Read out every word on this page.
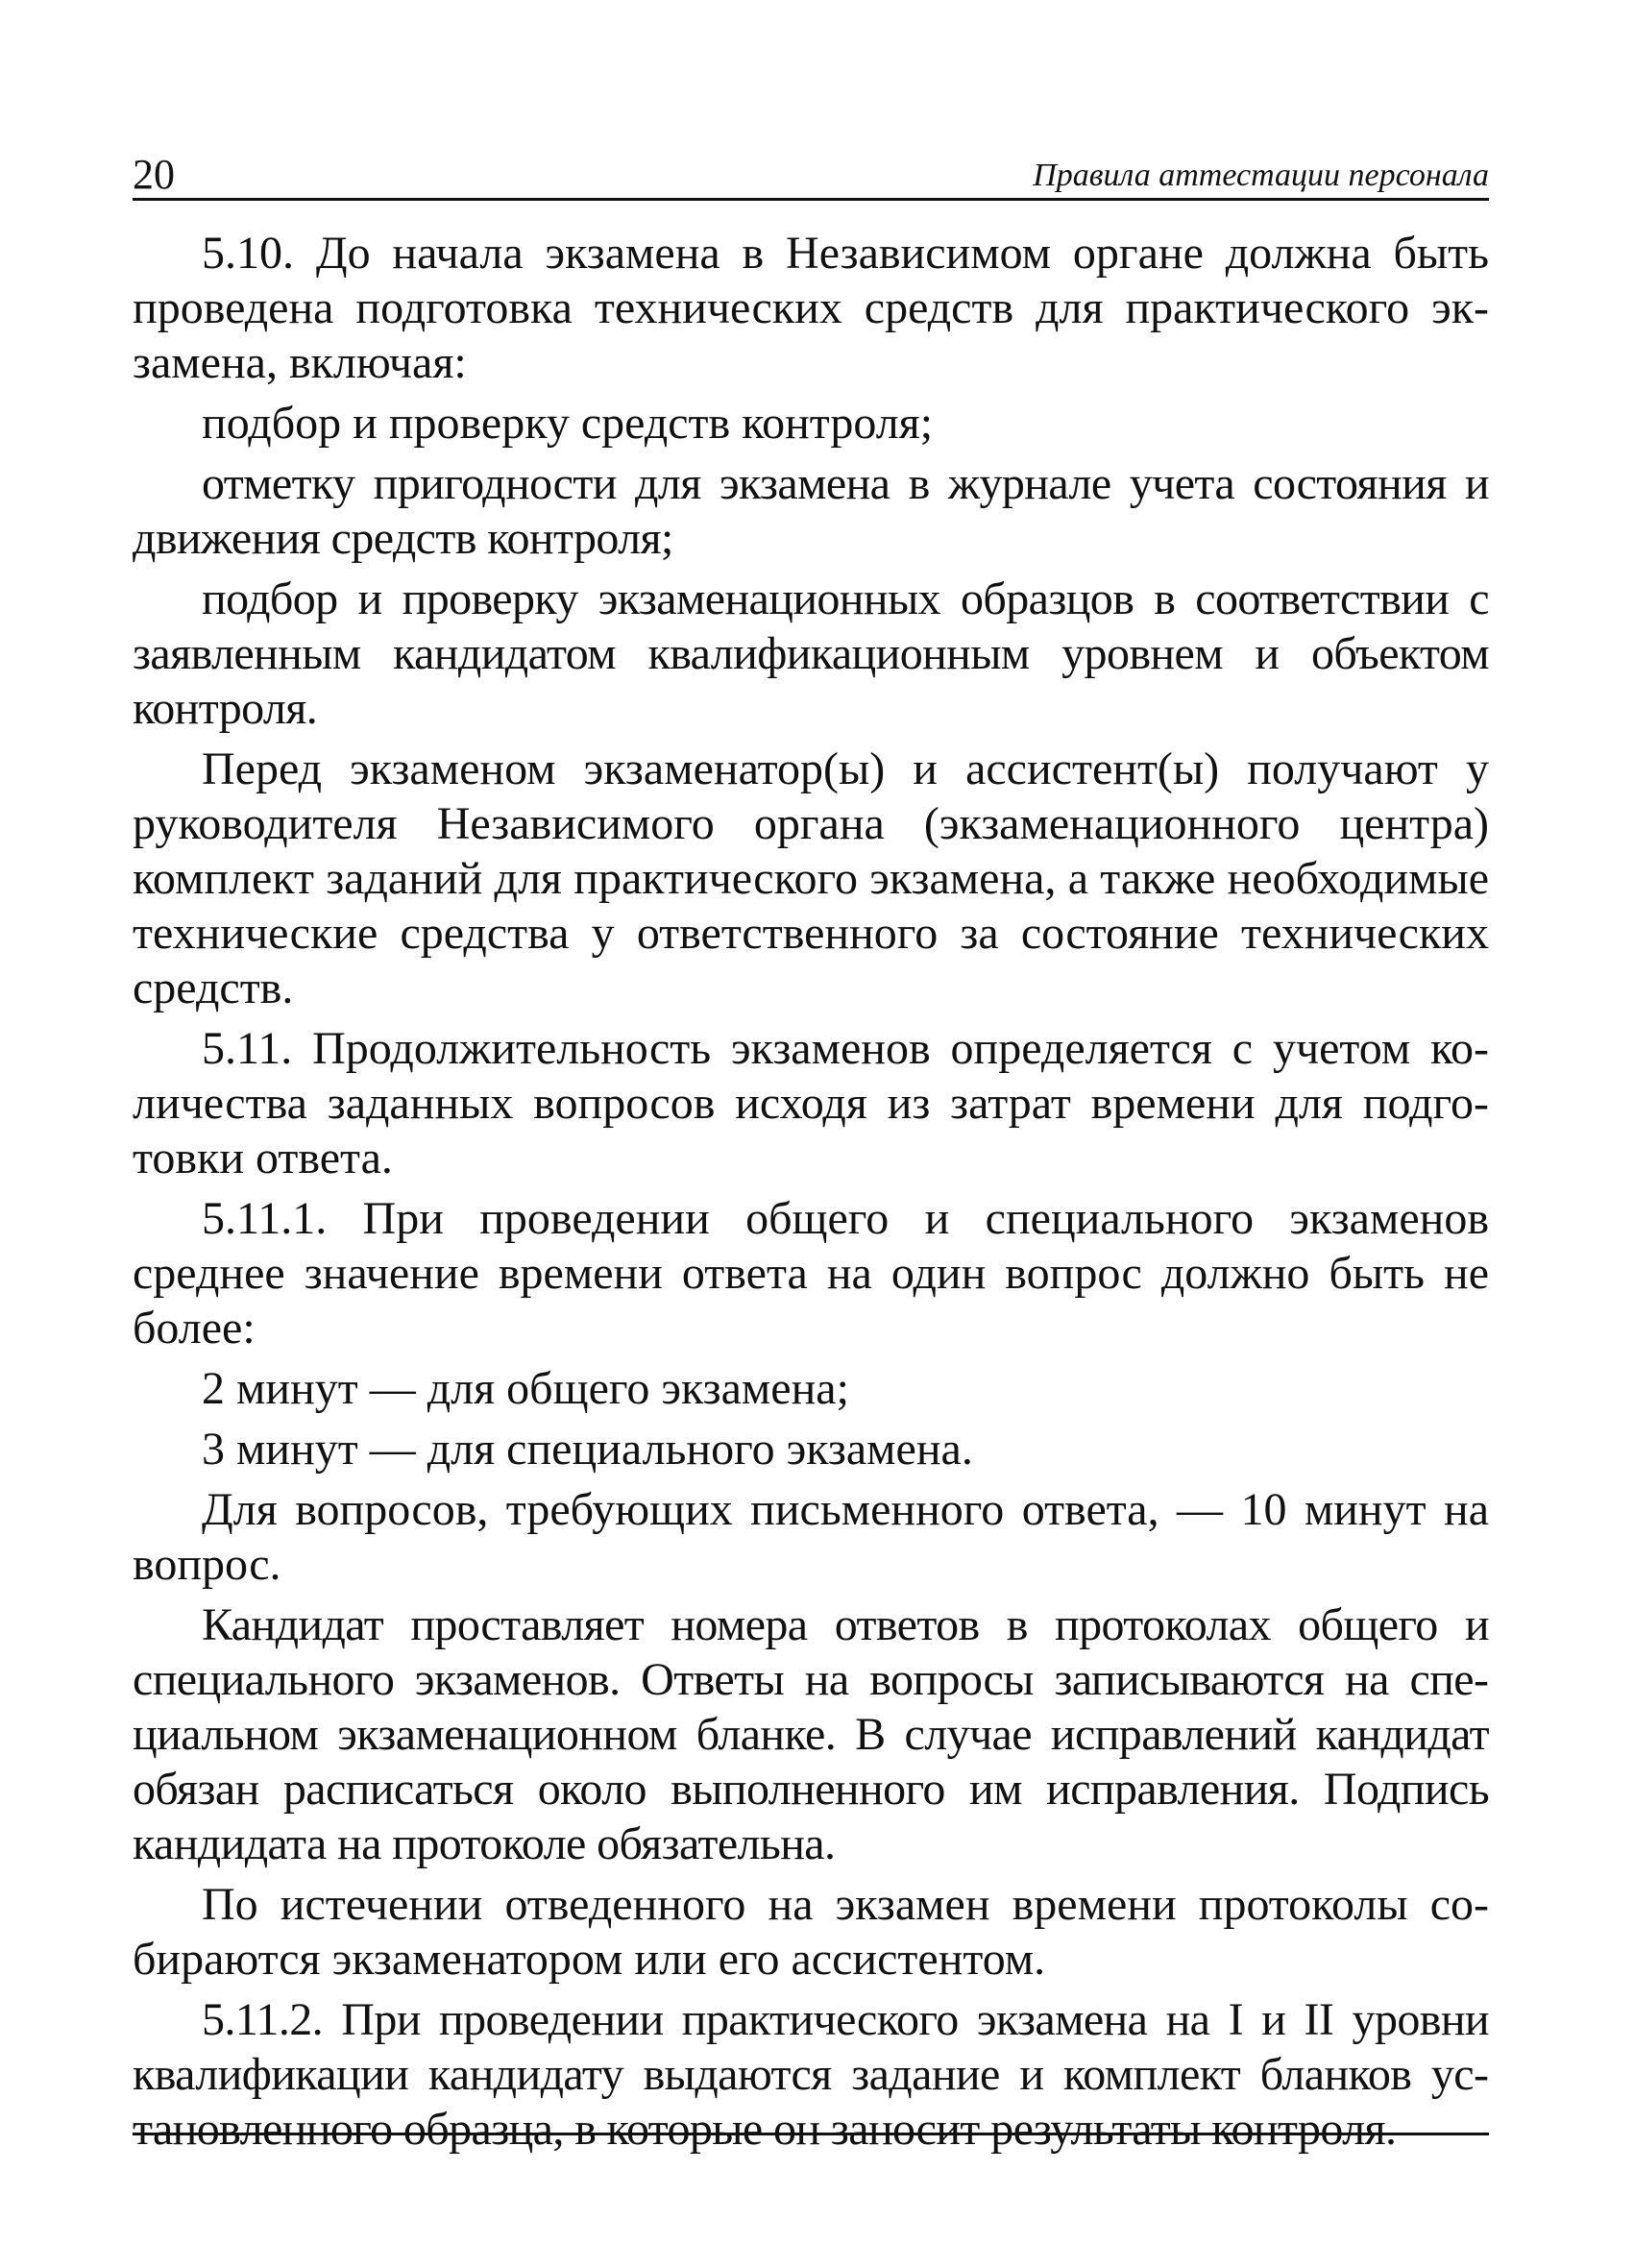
20	Правила аттестации персонала

5.10. До начала экзамена в Независимом органе должна быть проведена подготовка технических средств для практического экзамена, включая:

подбор и проверку средств контроля;

отметку пригодности для экзамена в журнале учета состояния и движения средств контроля;

подбор и проверку экзаменационных образцов в соответствии с заявленным кандидатом квалификационным уровнем и объектом контроля.

Перед экзаменом экзаменатор(ы) и ассистент(ы) получают у руководителя Независимого органа (экзаменационного центра) комплект заданий для практического экзамена, а также необходимые технические средства у ответственного за состояние технических средств.

5.11. Продолжительность экзаменов определяется с учетом количества заданных вопросов исходя из затрат времени для подготовки ответа.

5.11.1. При проведении общего и специального экзаменов среднее значение времени ответа на один вопрос должно быть не более:

2 минут — для общего экзамена;

3 минут — для специального экзамена.

Для вопросов, требующих письменного ответа, — 10 минут на вопрос.

Кандидат проставляет номера ответов в протоколах общего и специального экзаменов. Ответы на вопросы записываются на специальном экзаменационном бланке. В случае исправлений кандидат обязан расписаться около выполненного им исправления. Подпись кандидата на протоколе обязательна.

По истечении отведенного на экзамен времени протоколы собираются экзаменатором или его ассистентом.

5.11.2. При проведении практического экзамена на I и II уровни квалификации кандидату выдаются задание и комплект бланков установленного образца, в которые он заносит результаты контроля.
